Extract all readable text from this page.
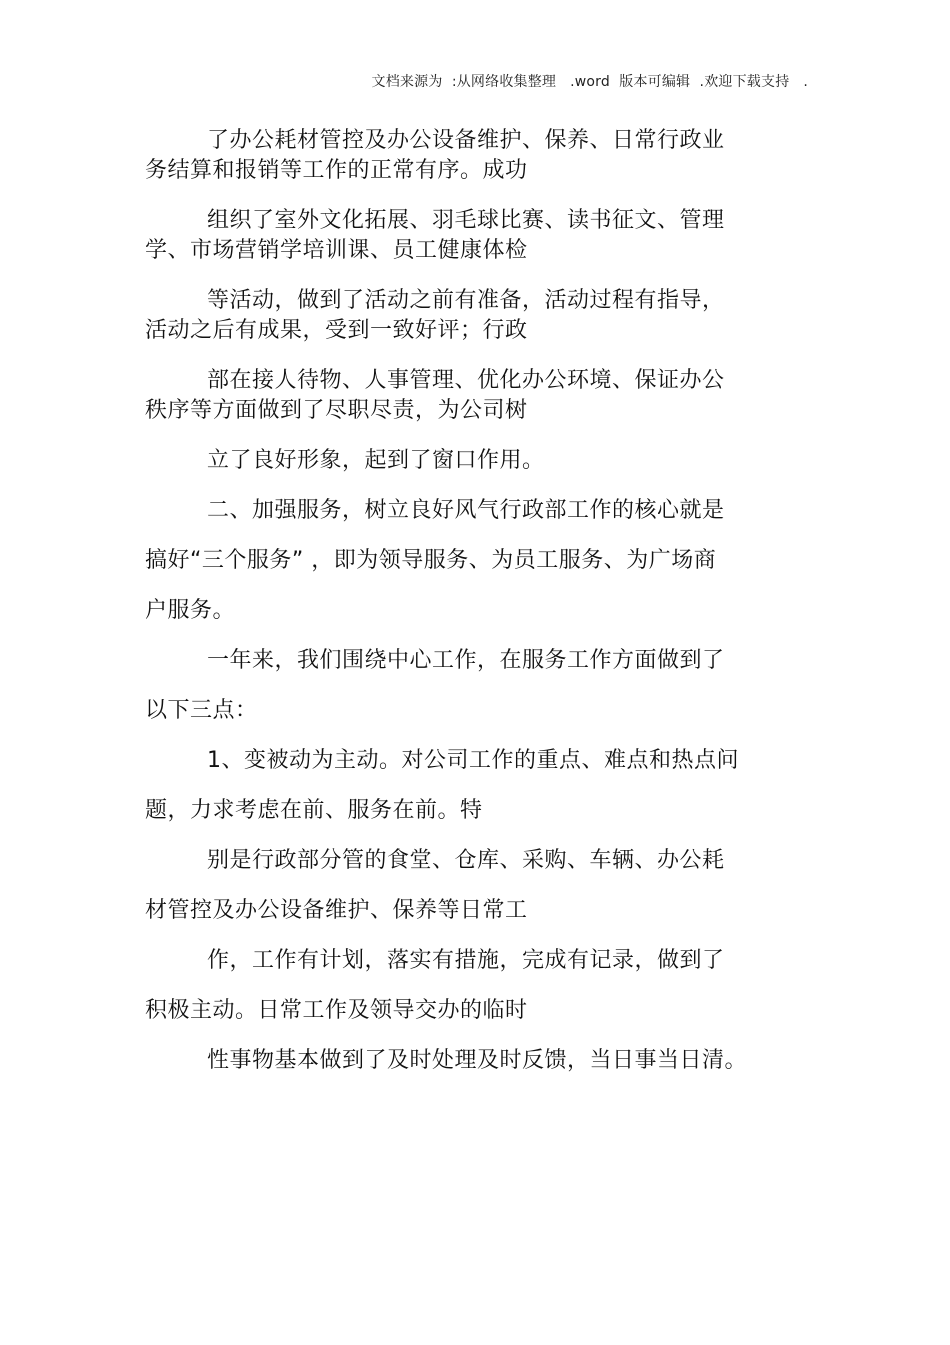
文档来源为  :从网络收集整理   .word  版本可编辑  .欢迎下载支持   .
了办公耗材管控及办公设备维护、保养、日常行政业
务结算和报销等工作的正常有序。成功
组织了室外文化拓展、羽毛球比赛、读书征文、管理
学、市场营销学培训课、员工健康体检
等活动，做到了活动之前有准备，活动过程有指导，
活动之后有成果，受到一致好评；行政
部在接人待物、人事管理、优化办公环境、保证办公
秩序等方面做到了尽职尽责，为公司树
立了良好形象，起到了窗口作用。
二、加强服务，树立良好风气行政部工作的核心就是
搞好“三个服务” ，即为领导服务、为员工服务、为广场商
户服务。
一年来，我们围绕中心工作，在服务工作方面做到了
以下三点：
1、变被动为主动。对公司工作的重点、难点和热点问
题，力求考虑在前、服务在前。特
别是行政部分管的食堂、仓库、采购、车辆、办公耗
材管控及办公设备维护、保养等日常工
作，工作有计划，落实有措施，完成有记录，做到了
积极主动。日常工作及领导交办的临时
性事物基本做到了及时处理及时反馈，当日事当日清。
